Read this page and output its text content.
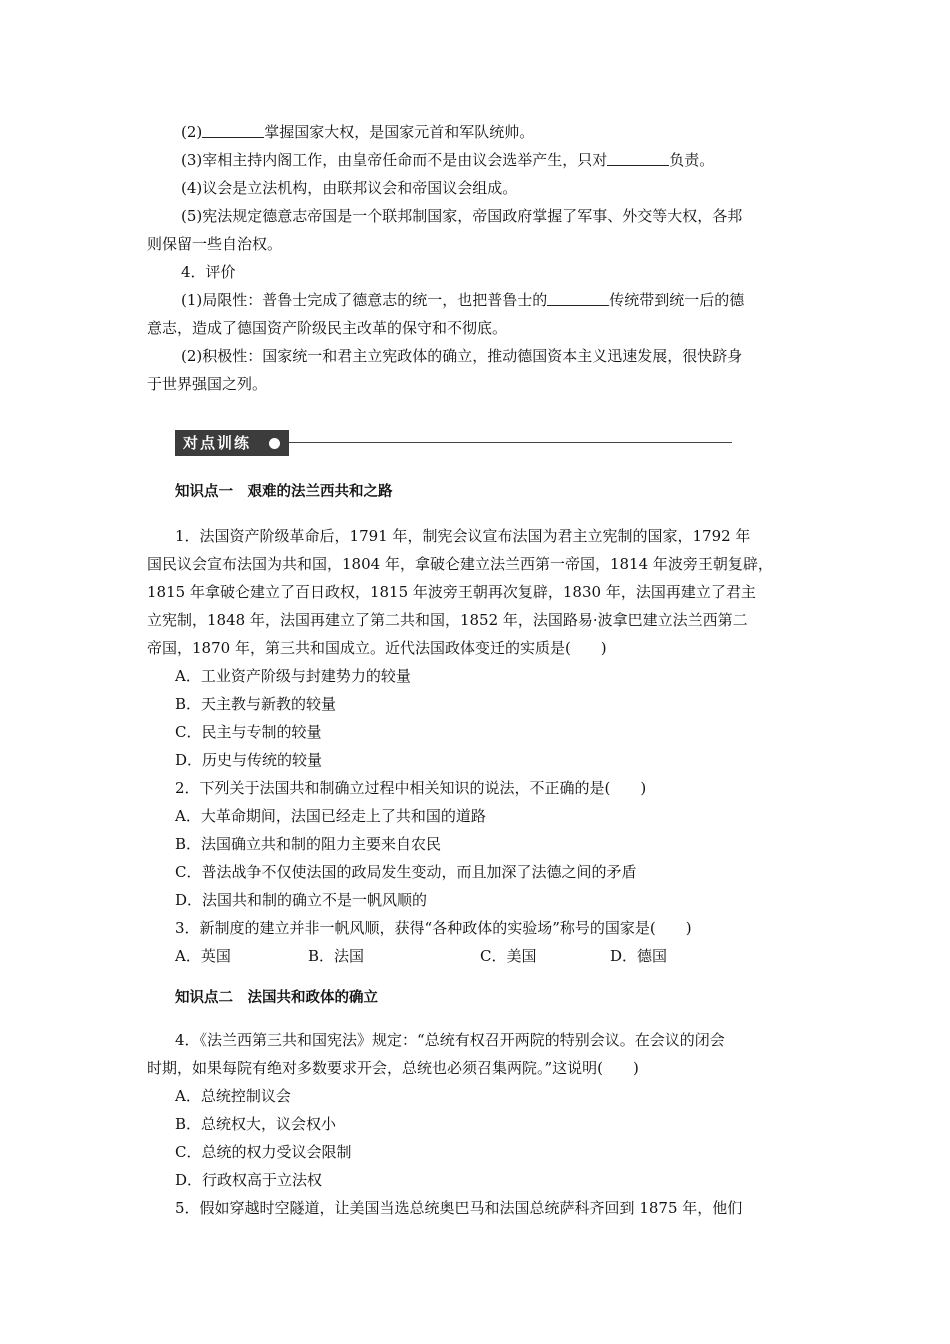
(2)	掌握国家大权，是国家元首和军队统帅。
(3)宰相主持内阁工作，由皇帝任命而不是由议会选举产生，只对	负责。
(4)议会是立法机构，由联邦议会和帝国议会组成。
(5)宪法规定德意志帝国是一个联邦制国家，帝国政府掌握了军事、外交等大权，各邦
则保留一些自治权。
4．评价
(1)局限性：普鲁士完成了德意志的统一，也把普鲁士的	传统带到统一后的德
意志，造成了德国资产阶级民主改革的保守和不彻底。
(2)积极性：国家统一和君主立宪政体的确立，推动德国资本主义迅速发展，很快跻身
于世界强国之列。
对点训练
知识点一　艰难的法兰西共和之路
1．法国资产阶级革命后，1791 年，制宪会议宣布法国为君主立宪制的国家，1792 年
国民议会宣布法国为共和国，1804 年，拿破仑建立法兰西第一帝国，1814 年波旁王朝复辟，
1815 年拿破仑建立了百日政权，1815 年波旁王朝再次复辟，1830 年，法国再建立了君主
立宪制，1848 年，法国再建立了第二共和国，1852 年，法国路易·波拿巴建立法兰西第二
帝国，1870 年，第三共和国成立。近代法国政体变迁的实质是(　　)
A．工业资产阶级与封建势力的较量
B．天主教与新教的较量
C．民主与专制的较量
D．历史与传统的较量
2．下列关于法国共和制确立过程中相关知识的说法，不正确的是(　　)
A．大革命期间，法国已经走上了共和国的道路
B．法国确立共和制的阻力主要来自农民
C．普法战争不仅使法国的政局发生变动，而且加深了法德之间的矛盾
D．法国共和制的确立不是一帆风顺的
3．新制度的建立并非一帆风顺，获得“各种政体的实验场”称号的国家是(　　)
A．英国	B．法国	C．美国	D．德国
知识点二　法国共和政体的确立
4．《法兰西第三共和国宪法》规定：“总统有权召开两院的特别会议。在会议的闭会
时期，如果每院有绝对多数要求开会，总统也必须召集两院。”这说明(　　)
A．总统控制议会
B．总统权大，议会权小
C．总统的权力受议会限制
D．行政权高于立法权
5．假如穿越时空隧道，让美国当选总统奥巴马和法国总统萨科齐回到 1875 年，他们
